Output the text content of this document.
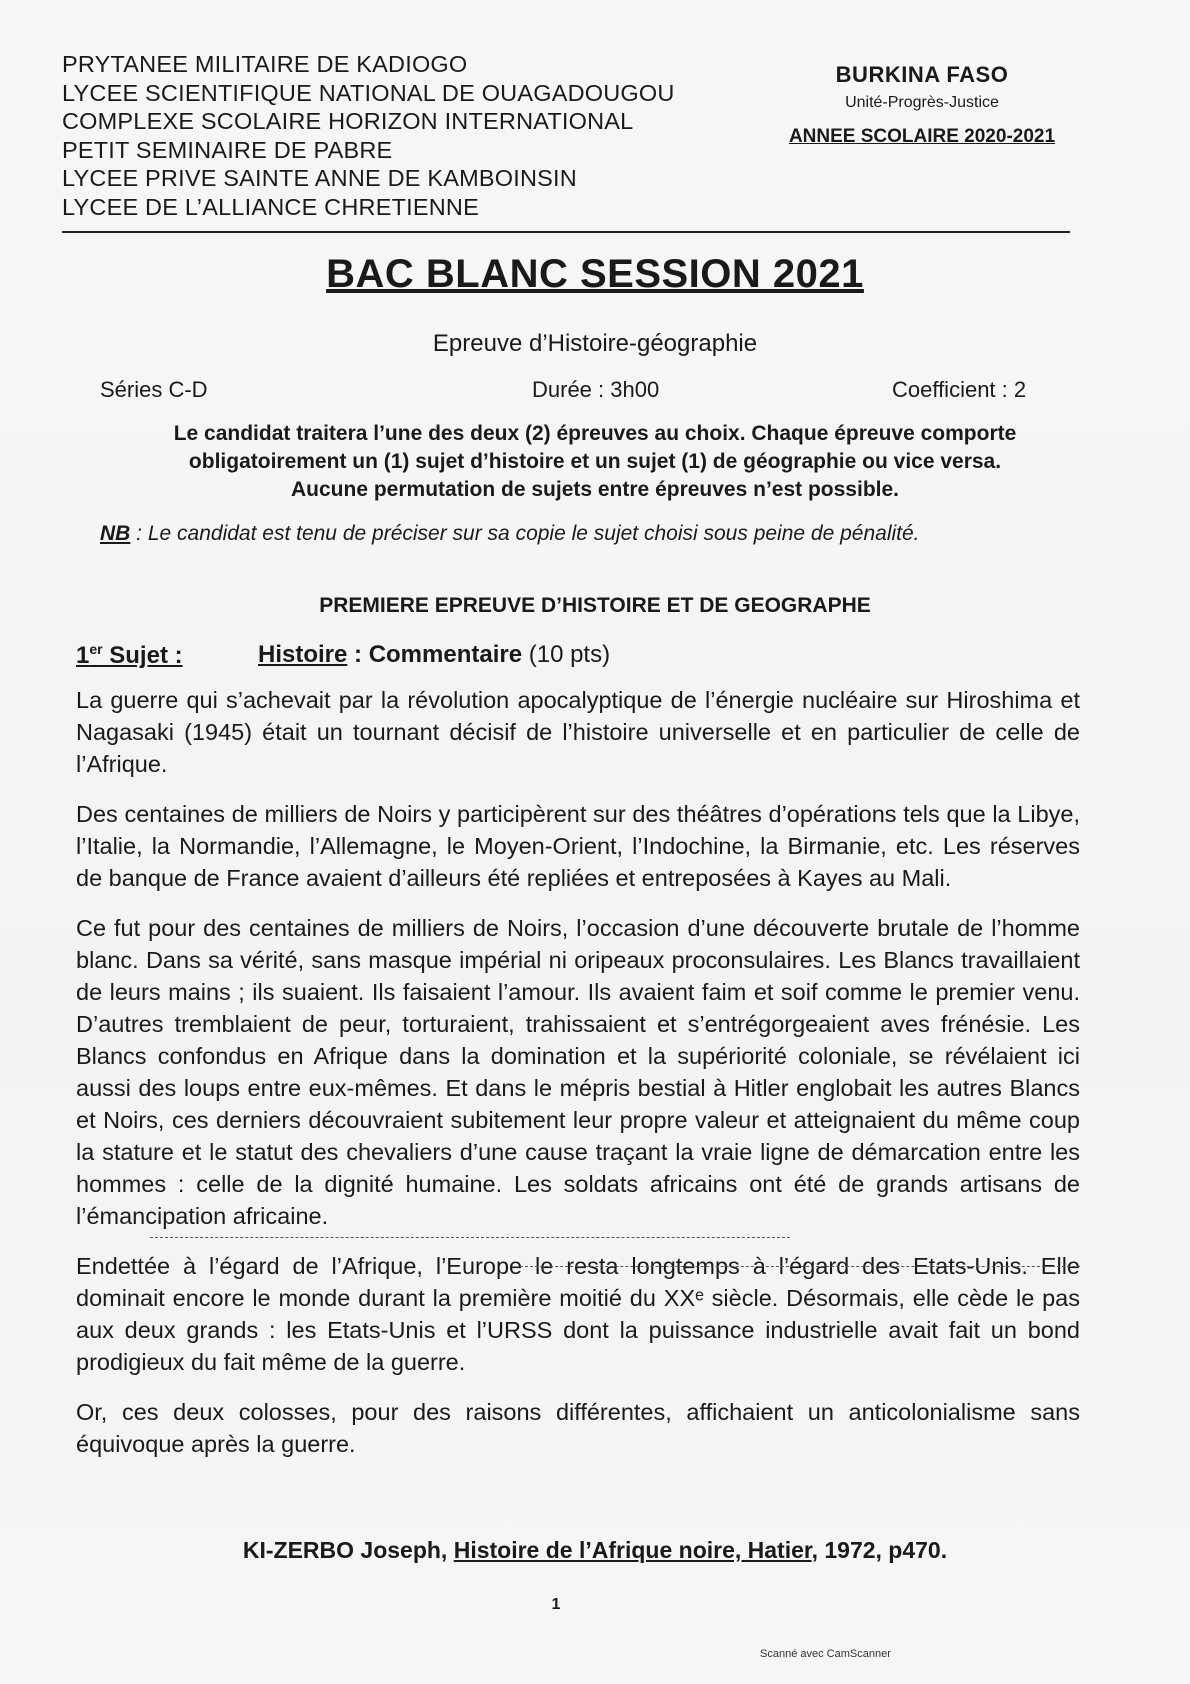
PRYTANEE MILITAIRE DE KADIOGO
LYCEE SCIENTIFIQUE NATIONAL DE OUAGADOUGOU
COMPLEXE SCOLAIRE HORIZON INTERNATIONAL
PETIT SEMINAIRE DE PABRE
LYCEE PRIVE SAINTE ANNE DE KAMBOINSIN
LYCEE DE L’ALLIANCE CHRETIENNE
BURKINA FASO
Unité-Progrès-Justice
ANNEE SCOLAIRE 2020-2021
BAC BLANC SESSION 2021
Epreuve d’Histoire-géographie
Séries C-D	Durée : 3h00	Coefficient : 2
Le candidat traitera l’une des deux (2) épreuves au choix. Chaque épreuve comporte
obligatoirement un (1) sujet d’histoire et un sujet (1) de géographie ou vice versa.
Aucune permutation de sujets entre épreuves n’est possible.
NB : Le candidat est tenu de préciser sur sa copie le sujet choisi sous peine de pénalité.
PREMIERE EPREUVE D’HISTOIRE ET DE GEOGRAPHE
1er Sujet :	Histoire : Commentaire (10 pts)

La guerre qui s’achevait par la révolution apocalyptique de l’énergie nucléaire sur Hiroshima et Nagasaki (1945) était un tournant décisif de l’histoire universelle et en particulier de celle de l’Afrique.

Des centaines de milliers de Noirs y participèrent sur des théâtres d’opérations tels que la Libye, l’Italie, la Normandie, l’Allemagne, le Moyen-Orient, l’Indochine, la Birmanie, etc. Les réserves de banque de France avaient d’ailleurs été repliées et entreposées à Kayes au Mali.

Ce fut pour des centaines de milliers de Noirs, l’occasion d’une découverte brutale de l’homme blanc. Dans sa vérité, sans masque impérial ni oripeaux proconsulaires. Les Blancs travaillaient de leurs mains ; ils suaient. Ils faisaient l’amour. Ils avaient faim et soif comme le premier venu. D’autres tremblaient de peur, torturaient, trahissaient et s’entrégorgeaient aves frénésie. Les Blancs confondus en Afrique dans la domination et la supériorité coloniale, se révélaient ici aussi des loups entre eux-mêmes. Et dans le mépris bestial à Hitler englobait les autres Blancs et Noirs, ces derniers découvraient subitement leur propre valeur et atteignaient du même coup la stature et le statut des chevaliers d’une cause traçant la vraie ligne de démarcation entre les hommes : celle de la dignité humaine. Les soldats africains ont été de grands artisans de l’émancipation africaine.

Endettée à l’égard de l’Afrique, l’Europe le resta longtemps à l’égard des Etats-Unis. Elle dominait encore le monde durant la première moitié du XXᵉ siècle. Désormais, elle cède le pas aux deux grands : les Etats-Unis et l’URSS dont la puissance industrielle avait fait un bond prodigieux du fait même de la guerre.

Or, ces deux colosses, pour des raisons différentes, affichaient un anticolonialisme sans équivoque après la guerre.

KI-ZERBO Joseph, Histoire de l’Afrique noire, Hatier, 1972, p470.
1
Scanné avec CamScanner
